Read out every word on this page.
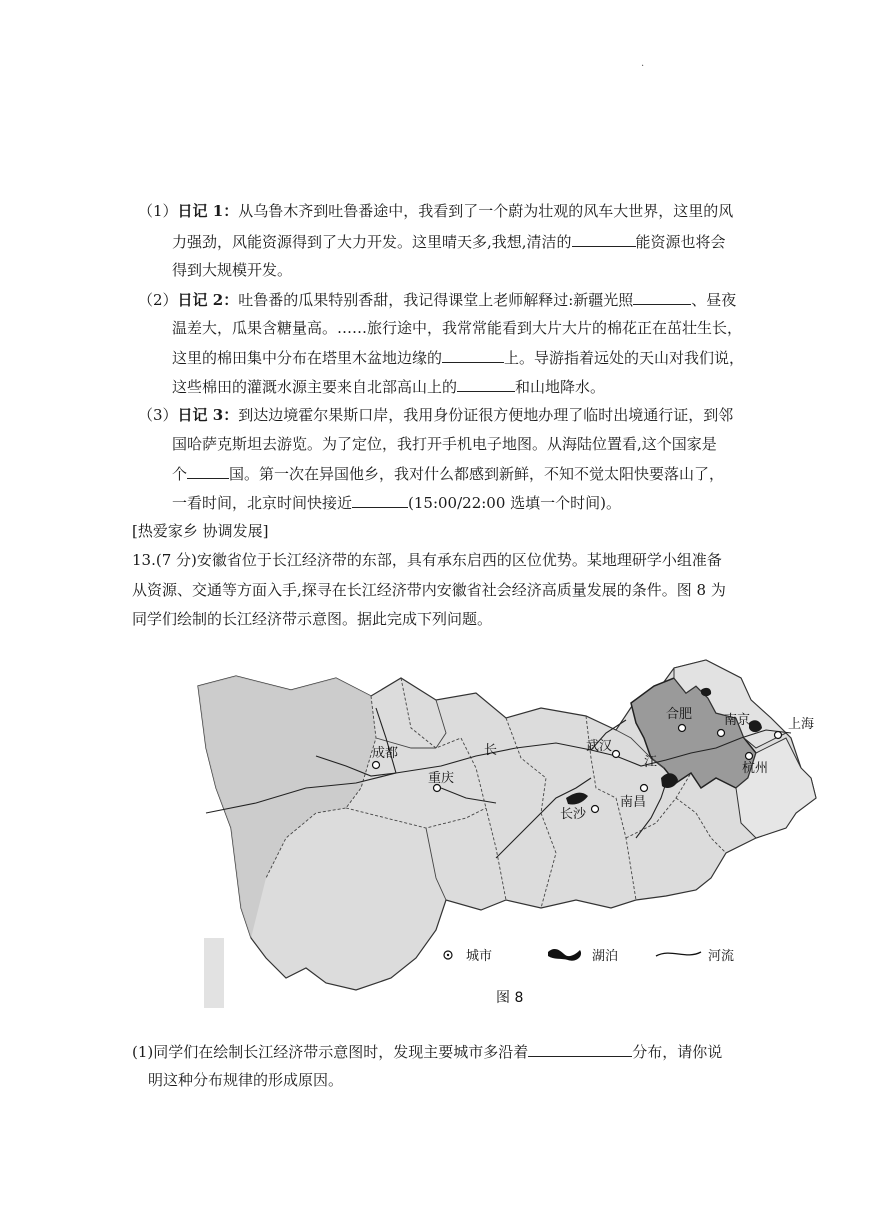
.
（1）日记 1：从乌鲁木齐到吐鲁番途中，我看到了一个蔚为壮观的风车大世界，这里的风
力强劲，风能资源得到了大力开发。这里晴天多,我想,清洁的	能资源也将会
得到大规模开发。
（2）日记 2：吐鲁番的瓜果特别香甜，我记得课堂上老师解释过:新疆光照	、昼夜
温差大，瓜果含糖量高。……旅行途中，我常常能看到大片大片的棉花正在茁壮生长，
这里的棉田集中分布在塔里木盆地边缘的	上。导游指着远处的天山对我们说，
这些棉田的灌溉水源主要来自北部高山上的	和山地降水。
（3）日记 3：到达边境霍尔果斯口岸，我用身份证很方便地办理了临时出境通行证，到邻
国哈萨克斯坦去游览。为了定位，我打开手机电子地图。从海陆位置看,这个国家是
个	国。第一次在异国他乡，我对什么都感到新鲜，不知不觉太阳快要落山了，
一看时间，北京时间快接近	(15:00/22:00 选填一个时间)。
[热爱家乡 协调发展]
13.(7 分)安徽省位于长江经济带的东部，具有承东启西的区位优势。某地理研学小组准备
从资源、交通等方面入手,探寻在长江经济带内安徽省社会经济高质量发展的条件。图 8 为
同学们绘制的长江经济带示意图。据此完成下列问题。
成都
重庆
长沙
武汉
南昌
合肥 南京	上海
杭州
长
江
城市	湖泊	河流
图 8
(1)同学们在绘制长江经济带示意图时，发现主要城市多沿着	分布，请你说
明这种分布规律的形成原因。
